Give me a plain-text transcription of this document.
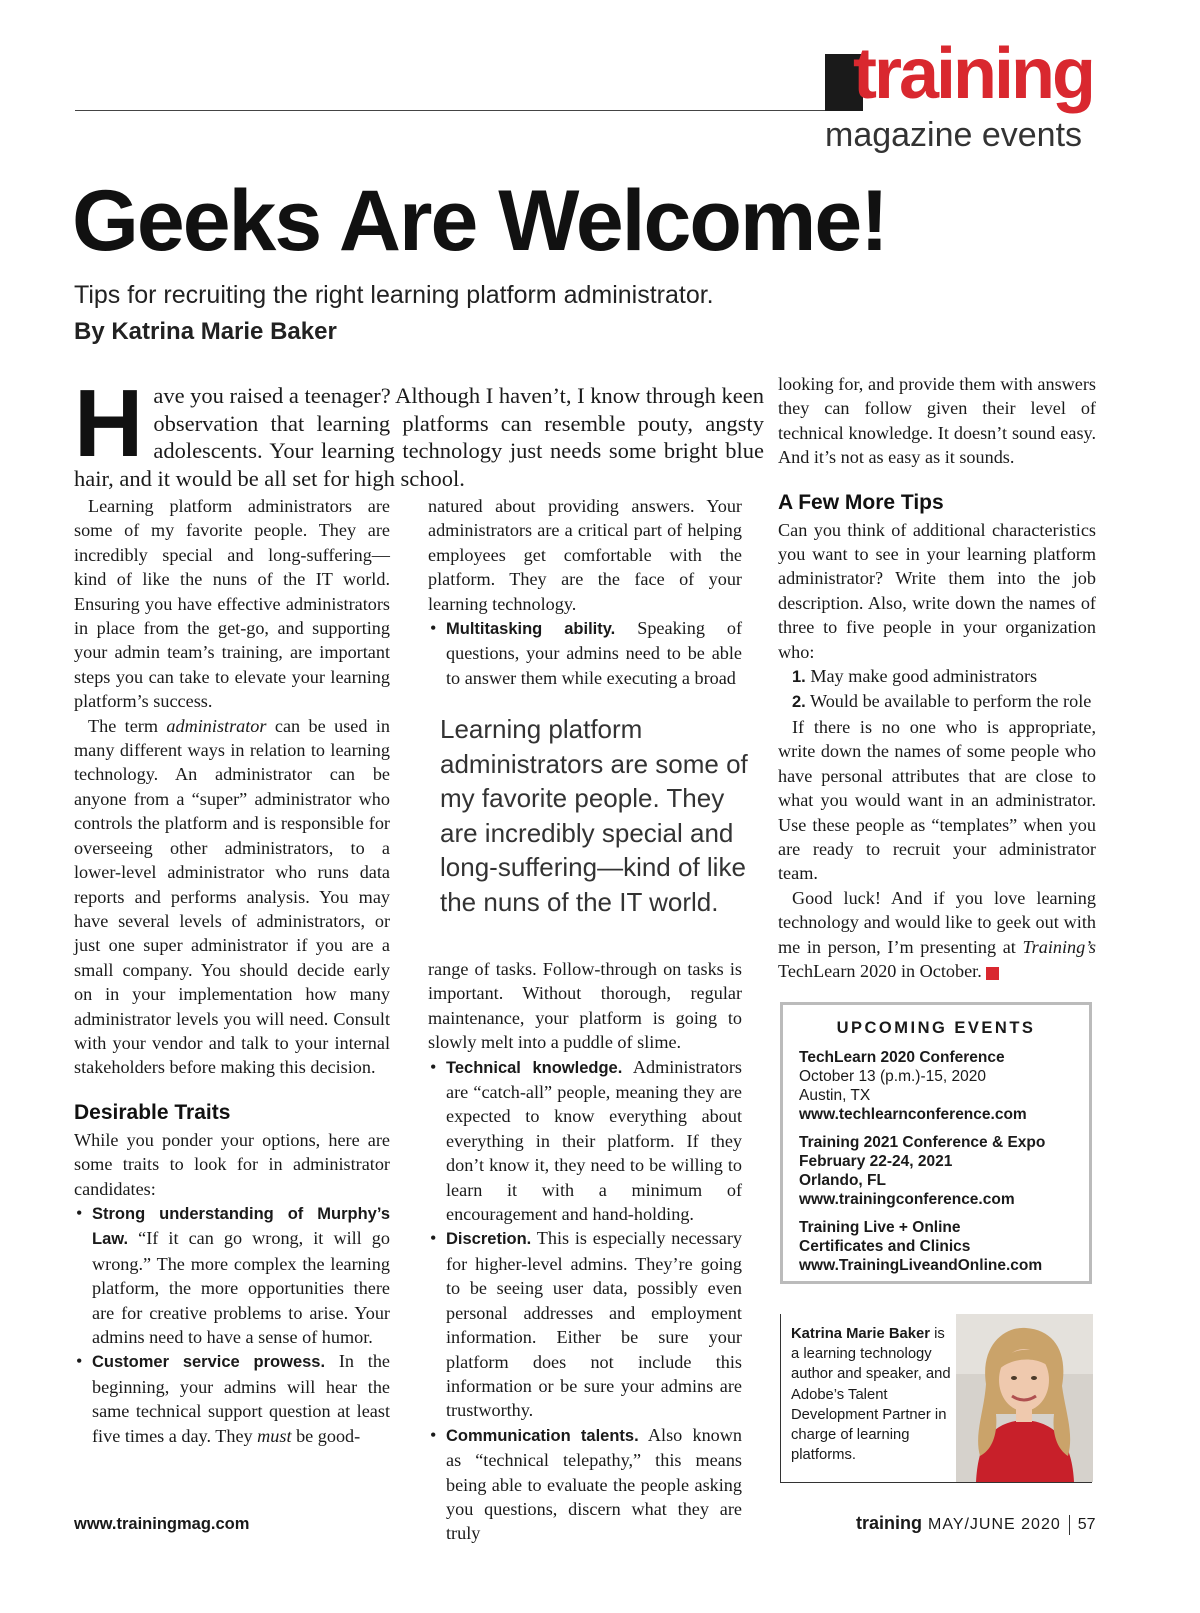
training
magazine events
Geeks Are Welcome!
Tips for recruiting the right learning platform administrator.
By Katrina Marie Baker

Have you raised a teenager? Although I haven’t, I know through keen observation that learning platforms can resemble pouty, angsty adolescents. Your learning technology just needs some bright blue hair, and it would be all set for high school.

Learning platform administrators are some of my favorite people. They are incredibly special and long-suffering—kind of like the nuns of the IT world. Ensuring you have effective administrators in place from the get-go, and supporting your admin team’s training, are important steps you can take to elevate your learning platform’s success.

The term administrator can be used in many different ways in relation to learning technology. An administrator can be anyone from a “super” administrator who controls the platform and is responsible for overseeing other administrators, to a lower-level administrator who runs data reports and performs analysis. You may have several levels of administrators, or just one super administrator if you are a small company. You should decide early on in your implementation how many administrator levels you will need. Consult with your vendor and talk to your internal stakeholders before making this decision.

Desirable Traits

While you ponder your options, here are some traits to look for in administrator candidates:

• Strong understanding of Murphy’s Law. “If it can go wrong, it will go wrong.” The more complex the learning platform, the more opportunities there are for creative problems to arise. Your admins need to have a sense of humor.
• Customer service prowess. In the beginning, your admins will hear the same technical support question at least five times a day. They must be good-

natured about providing answers. Your administrators are a critical part of helping employees get comfortable with the platform. They are the face of your learning technology.

• Multitasking ability. Speaking of questions, your admins need to be able to answer them while executing a broad

Learning platform administrators are some of my favorite people. They are incredibly special and long-suffering—kind of like the nuns of the IT world.

range of tasks. Follow-through on tasks is important. Without thorough, regular maintenance, your platform is going to slowly melt into a puddle of slime.

• Technical knowledge. Administrators are “catch-all” people, meaning they are expected to know everything about everything in their platform. If they don’t know it, they need to be willing to learn it with a minimum of encouragement and hand-holding.
• Discretion. This is especially necessary for higher-level admins. They’re going to be seeing user data, possibly even personal addresses and employment information. Either be sure your platform does not include this information or be sure your admins are trustworthy.
• Communication talents. Also known as “technical telepathy,” this means being able to evaluate the people asking you questions, discern what they are truly

looking for, and provide them with answers they can follow given their level of technical knowledge. It doesn’t sound easy. And it’s not as easy as it sounds.

A Few More Tips

Can you think of additional characteristics you want to see in your learning platform administrator? Write them into the job description. Also, write down the names of three to five people in your organization who:

1. May make good administrators
2. Would be available to perform the role

If there is no one who is appropriate, write down the names of some people who have personal attributes that are close to what you would want in an administrator. Use these people as “templates” when you are ready to recruit your administrator team.

Good luck! And if you love learning technology and would like to geek out with me in person, I’m presenting at Training’s TechLearn 2020 in October. t

UPCOMING EVENTS
TechLearn 2020 Conference
October 13 (p.m.)-15, 2020
Austin, TX
www.techlearnconference.com
Training 2021 Conference & Expo
February 22-24, 2021
Orlando, FL
www.trainingconference.com
Training Live + Online
Certificates and Clinics
www.TrainingLiveandOnline.com
Katrina Marie Baker is a learning technology author and speaker, and Adobe’s Talent Development Partner in charge of learning platforms.
www.trainingmag.com	training MAY/JUNE 2020 57
